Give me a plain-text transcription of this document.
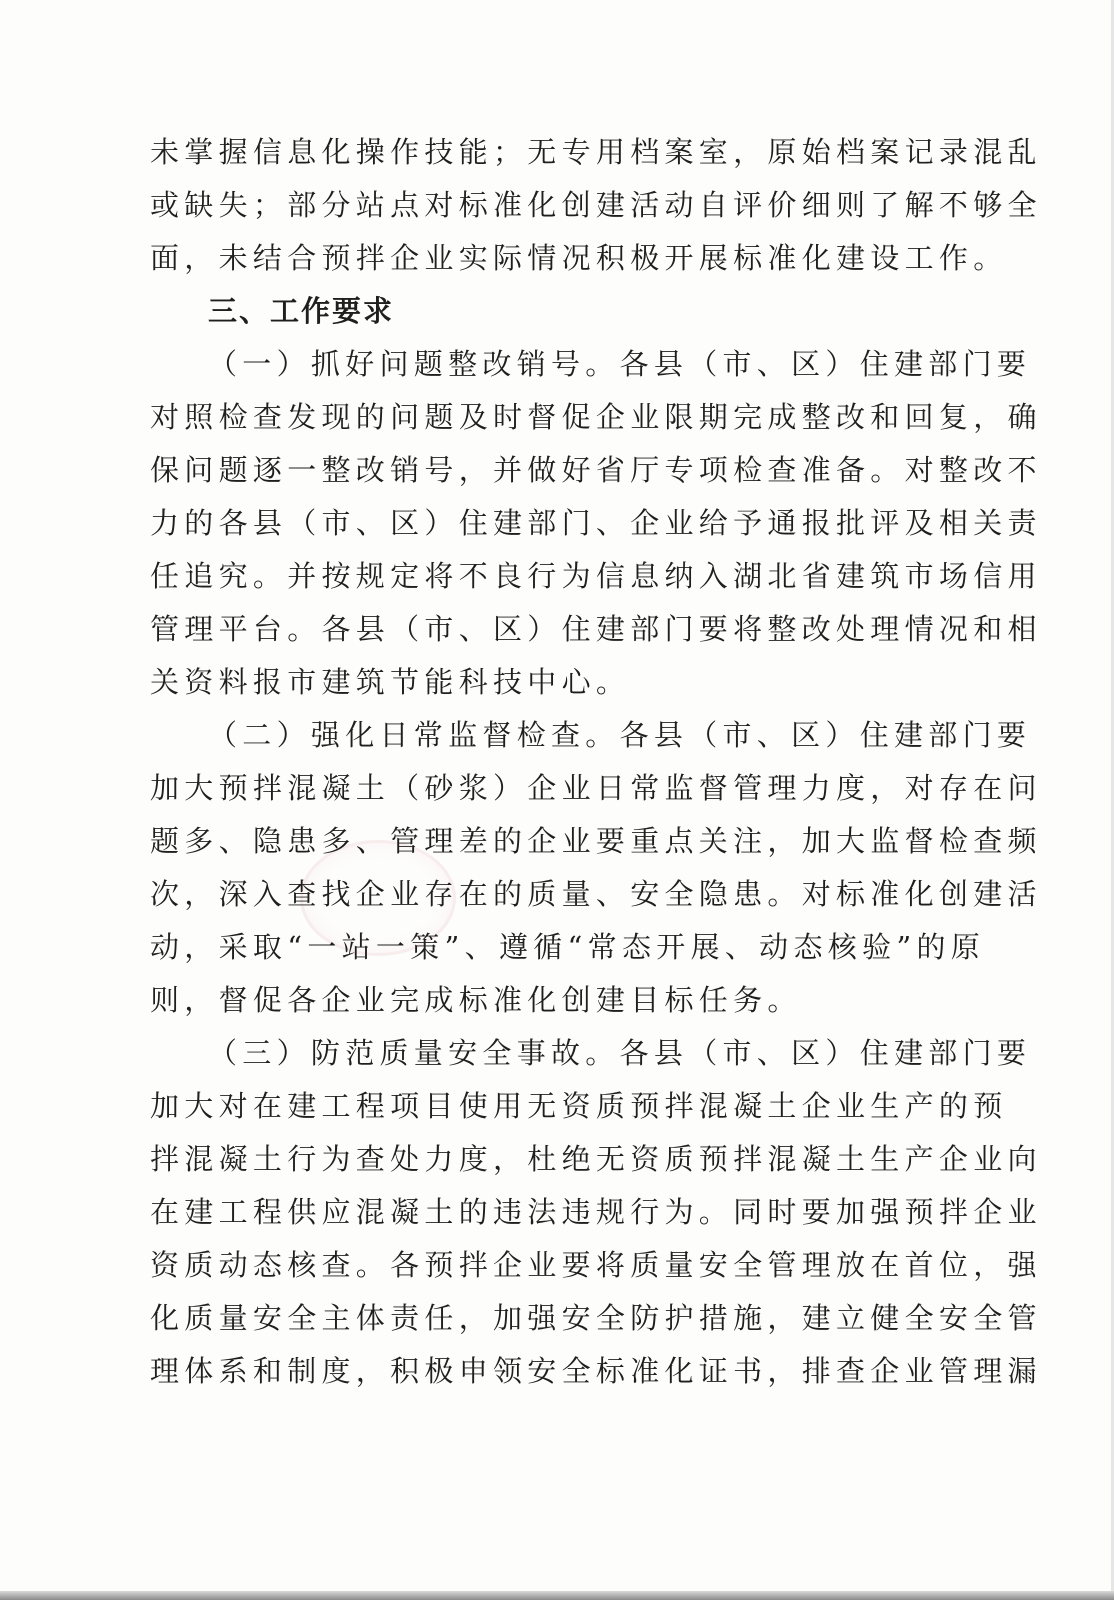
未掌握信息化操作技能；无专用档案室，原始档案记录混乱
或缺失；部分站点对标准化创建活动自评价细则了解不够全
面，未结合预拌企业实际情况积极开展标准化建设工作。
三、工作要求
（一）抓好问题整改销号。各县（市、区）住建部门要
对照检查发现的问题及时督促企业限期完成整改和回复，确
保问题逐一整改销号，并做好省厅专项检查准备。对整改不
力的各县（市、区）住建部门、企业给予通报批评及相关责
任追究。并按规定将不良行为信息纳入湖北省建筑市场信用
管理平台。各县（市、区）住建部门要将整改处理情况和相
关资料报市建筑节能科技中心。
（二）强化日常监督检查。各县（市、区）住建部门要
加大预拌混凝土（砂浆）企业日常监督管理力度，对存在问
题多、隐患多、管理差的企业要重点关注，加大监督检查频
次，深入查找企业存在的质量、安全隐患。对标准化创建活
动，采取“一站一策”、遵循“常态开展、动态核验”的原
则，督促各企业完成标准化创建目标任务。
（三）防范质量安全事故。各县（市、区）住建部门要
加大对在建工程项目使用无资质预拌混凝土企业生产的预
拌混凝土行为查处力度，杜绝无资质预拌混凝土生产企业向
在建工程供应混凝土的违法违规行为。同时要加强预拌企业
资质动态核查。各预拌企业要将质量安全管理放在首位，强
化质量安全主体责任，加强安全防护措施，建立健全安全管
理体系和制度，积极申领安全标准化证书，排查企业管理漏
